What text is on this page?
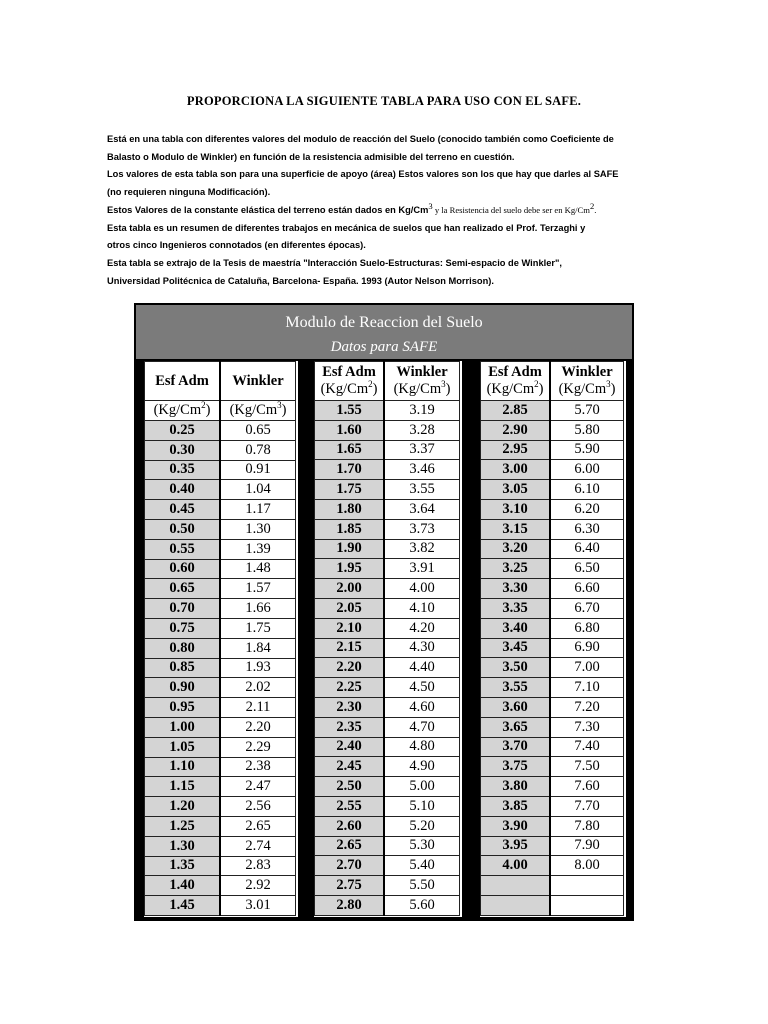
PROPORCIONA LA SIGUIENTE TABLA PARA USO CON EL SAFE.

Está en una tabla con diferentes valores del modulo de reacción del Suelo (conocido también como Coeficiente de

Balasto o Modulo de Winkler) en función de la resistencia admisible del terreno en cuestión.

Los valores de esta tabla son para una superficie de apoyo (área) Estos valores son los que hay que darles al SAFE

(no requieren ninguna Modificación).

Estos Valores de la constante elástica del terreno están dados en Kg/Cm$^3$ y la Resistencia del suelo debe ser en Kg/Cm$^2$.

Esta tabla es un resumen de diferentes trabajos en mecánica de suelos que han realizado el Prof. Terzaghi y

otros cinco Ingenieros connotados (en diferentes épocas).

Esta tabla se extrajo de la Tesis de maestría "Interacción Suelo-Estructuras: Semi-espacio de Winkler",

Universidad Politécnica de Cataluña, Barcelona- España. 1993 (Autor Nelson Morrison).

Modulo de Reaccion del Suelo
Datos para SAFE
Esf Adm	Winkler
(Kg/Cm$^2$)	(Kg/Cm$^3$)
0.25	0.65
0.30	0.78
0.35	0.91
0.40	1.04
0.45	1.17
0.50	1.30
0.55	1.39
0.60	1.48
0.65	1.57
0.70	1.66
0.75	1.75
0.80	1.84
0.85	1.93
0.90	2.02
0.95	2.11
1.00	2.20
1.05	2.29
1.10	2.38
1.15	2.47
1.20	2.56
1.25	2.65
1.30	2.74
1.35	2.83
1.40	2.92
1.45	3.01
Esf Adm
(Kg/Cm$^2$)	Winkler
(Kg/Cm$^3$)
1.55	3.19
1.60	3.28
1.65	3.37
1.70	3.46
1.75	3.55
1.80	3.64
1.85	3.73
1.90	3.82
1.95	3.91
2.00	4.00
2.05	4.10
2.10	4.20
2.15	4.30
2.20	4.40
2.25	4.50
2.30	4.60
2.35	4.70
2.40	4.80
2.45	4.90
2.50	5.00
2.55	5.10
2.60	5.20
2.65	5.30
2.70	5.40
2.75	5.50
2.80	5.60
Esf Adm
(Kg/Cm$^2$)	Winkler
(Kg/Cm$^3$)
2.85	5.70
2.90	5.80
2.95	5.90
3.00	6.00
3.05	6.10
3.10	6.20
3.15	6.30
3.20	6.40
3.25	6.50
3.30	6.60
3.35	6.70
3.40	6.80
3.45	6.90
3.50	7.00
3.55	7.10
3.60	7.20
3.65	7.30
3.70	7.40
3.75	7.50
3.80	7.60
3.85	7.70
3.90	7.80
3.95	7.90
4.00	8.00
